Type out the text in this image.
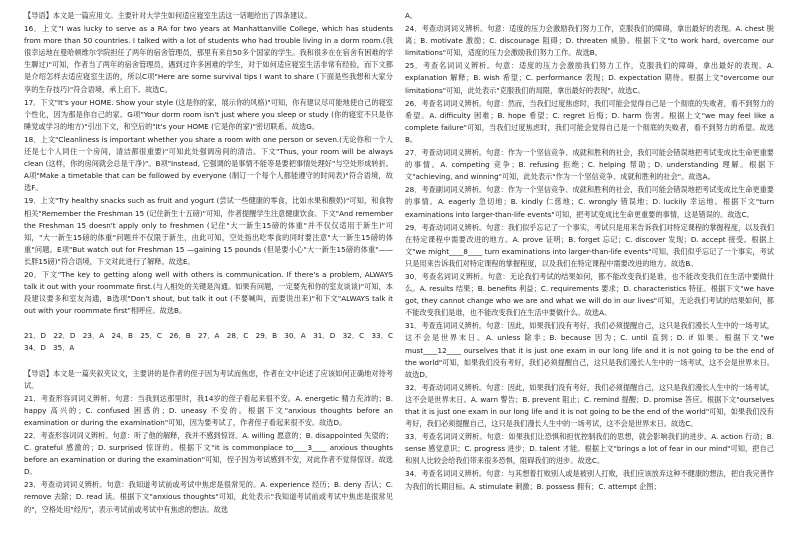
【导语】本文是一篇应用文。主要针对大学生如何适应寝室生活这一话题给出了四条建议。

16．上文"I was lucky to serve as a RA for two years at Manhattanville College, which has students from more than 50 countries. I talked with a lot of students who had trouble living in a dorm room.(我很幸运地在曼哈顿维尔学院担任了两年的宿舍管理员，那里有来自50多个国家的学生。我和很多在在宿舍有困难的学生聊过)"可知，作者当了两年的宿舍管理员，遇到过许多困难的学生，对于如何适应寝室生活非常有经验，而下文都是介绍怎样去适应寝室生活的，所以C项"Here are some survival tips I want to share (下面是些我想和大家分享的生存技巧)"符合语境，承上启下。故选C。

17．下文"It's your HOME. Show your style (这是你的家，展示你的风格)"可知，你有建议尽可能地使自己的寝室个性化，因为那是你自己的家。G项"Your dorm room isn't just where you sleep or study (你的寝室不只是你睡觉或学习的地方)"引出下文，和空后的"It's your HOME (它是你的家)"密切联系。故选G。

18．上文"Cleanliness is important whether you share a room with one person or seven.(无论你和一个人还是七个人同住一个房间，清洁都很重要)"可知此处强调房间的清洁。下文"Thus, your room will be always clean (这样，你的房间就会总是干净)"。B项"Instead, 它强调的是事情不能等是要把事情处理好"与空处形成转折。A项"Make a timetable that can be followed by everyone (制订一个每个人都能遵守的时间表)"符合语境，故选F。

19．上文"Try healthy snacks such as fruit and yogurt (尝试一些健康的零食，比如水果和酸奶)"可知，和食物相关"Remember the Freshman 15 (记住新生十五磅)"可知，作者提醒学生注意健康饮食。下文"And remember the Freshman 15 doesn't apply only to freshmen (记住"大一新生15磅的体重"并不仅仅适用于新生)"可知，"大一新生15磅的体重"问题并不仅限于新生，由此可知，空处指出吃零食的同时要注意"大一新生15磅的体重"问题。E项"But watch out for Freshman 15 —gaining 15 pounds (但是要小心"大一新生15磅的体重"——长胖15磅)"符合语境，下文对此进行了解释。故选E。

20．下文"The key to getting along well with others is communication. If there's a problem, ALWAYS talk it out with your roommate first.(与人相处的关键是沟通。如果有问题，一定要先和你的室友谈谈)"可知，本段建议要多和室友沟通，B选项"Don't shout, but talk it out (不要喊叫，而要说出来)"和下文"ALWAYS talk it out with your roommate first"相呼应。故选B。

21．D　22．D　23．A　24．B　25．C　26．B　27．A　28．C　29．B　30．A　31．D　32．C　33．C　34．D　35．A

【导语】本文是一篇夹叙夹议文，主要讲的是作者的侄子因为考试而焦虑，作者在文中论述了应该如何正确地对待考试。

21．考查形容词词义辨析。句意：当我到达那里时，我14岁的侄子看起来很不安。A. energetic 精力充沛的；B. happy 高兴的；C. confused 困惑的；D. uneasy 不安的。根据下文"anxious thoughts before an examination or during the examination"可知，因为要考试了，作者侄子看起来很不安。故选D。

22．考查形容词词义辨析。句意：听了他的解释，我并不感到惊讶。A. willing 愿意的；B. disappointed 失望的；C. grateful 感激的；D. surprised 惊讶的。根据下文"it is commonplace to____3____ anxious thoughts before an examination or during the examination"可知，侄子因为考试感到不安，对此作者不觉得惊讶。故选D。

23．考查动词词义辨析。句意：我知道考试前或考试中焦虑是很常见的。A. experience 经历；B. deny 否认；C. remove 去除；D. read 读。根据下文"anxious thoughts"可知，此处表示"我知道考试前或考试中焦虑是很常见的"，空格处用"经历"，表示考试前或考试中有焦虑的想法。故选

A。

24．考查动词词义辨析。句意：适度的压力会激励我们努力工作，克服我们的障碍，拿出最好的表现。A. chest 脱离；B. motivate 激励；C. discourage 阻碍；D. threaten 威胁。根据下文"to work hard, overcome our limitations"可知，适度的压力会激励我们努力工作。故选B。

25．考查名词词义辨析。句意：适度的压力会激励我们努力工作，克服我们的障碍，拿出最好的表现。A. explanation 解释；B. wish 希望；C. performance 表现；D. expectation 期待。根据上文"overcome our limitations"可知，此处表示"克服我们的局限，拿出最好的表现"。故选C。

26．考查名词词义辨析。句意：然而，当我们过度焦虑时，我们可能会觉得自己是一个彻底的失败者，看不到努力的希望。A. difficulty 困难；B. hope 希望；C. regret 后悔；D. harm 伤害。根据上文"we may feel like a complete failure"可知，当我们过度焦虑时，我们可能会觉得自己是一个彻底的失败者，看不到努力的希望。故选B。

27．考查动词词义辨析。句意：作为一个坚信竞争、成就和胜利的社会，我们可能会错误地把考试变成比生命更重要的事情。A. competing 竞争；B. refusing 拒绝；C. helping 帮助；D. understanding 理解。根据下文"achieving, and winning"可知，此处表示"作为一个坚信竞争、成就和胜利的社会"。故选A。

28．考查副词词义辨析。句意：作为一个坚信竞争、成就和胜利的社会，我们可能会错误地把考试变成比生命更重要的事情。A. eagerly 急切地；B. kindly 仁慈地；C. wrongly 错误地；D. luckily 幸运地。根据下文"turn examinations into larger-than-life events"可知，把考试变成比生命更重要的事情，这是错误的。故选C。

29．考查动词词义辨析。句意：我们似乎忘记了一个事实，考试只是用来告诉我们对特定课程的掌握程度，以及我们在特定课程中需要改进的地方。A. prove 证明；B. forget 忘记；C. discover 发现；D. accept 接受。根据上文"we might____8____ turn examinations into larger-than-life events"可知，我们似乎忘记了一个事实，考试只是用来告诉我们对特定课程的掌握程度，以及我们在特定课程中需要改进的地方。故选B。

30．考查名词词义辨析。句意：无论我们考试的结果如何，都不能改变我们是谁，也不能改变我们在生活中要做什么。A. results 结果；B. benefits 利益；C. requirements 要求；D. characteristics 特征。根据下文"we have got, they cannot change who we are and what we will do in our lives"可知，无论我们考试的结果如何，都不能改变我们是谁，也不能改变我们在生活中要做什么。故选A。

31．考查连词词义辨析。句意：因此，如果我们没有考好，我们必须提醒自己，这只是我们漫长人生中的一场考试，这不会是世界末日。A. unless 除非；B. because 因为；C. until 直到；D. if 如果。根据下文"we must____12____ ourselves that it is just one exam in our long life and it is not going to be the end of the world"可知，如果我们没有考好，我们必须提醒自己，这只是我们漫长人生中的一场考试，这不会是世界末日。故选D。

32．考查动词词义辨析。句意：因此，如果我们没有考好，我们必须提醒自己，这只是我们漫长人生中的一场考试，这不会是世界末日。A. warn 警告；B. prevent 阻止；C. remind 提醒；D. promise 答应。根据下文"ourselves that it is just one exam in our long life and it is not going to be the end of the world"可知，如果我们没有考好，我们必须提醒自己，这只是我们漫长人生中的一场考试，这不会是世界末日。故选C。

33．考查名词词义辨析。句意：如果我们让恐惧和担忧控制我们的思想，就会影响我们的进步。A. action 行动；B. sense 感觉意识；C. progress 进步；D. talent 才能。根据上文"brings a lot of fear in our mind"可知，把自己和别人比较会给我们带来很多恐惧，阻碍我们的进步。故选C。

34．考查名词词义辨析。句意：与其想着打败别人或是被别人打败，我们应该放弃这种不健康的想法，把自我完善作为我们的长期目标。A. stimulate 刺激；B. possess 拥有；C. attempt 企图；
